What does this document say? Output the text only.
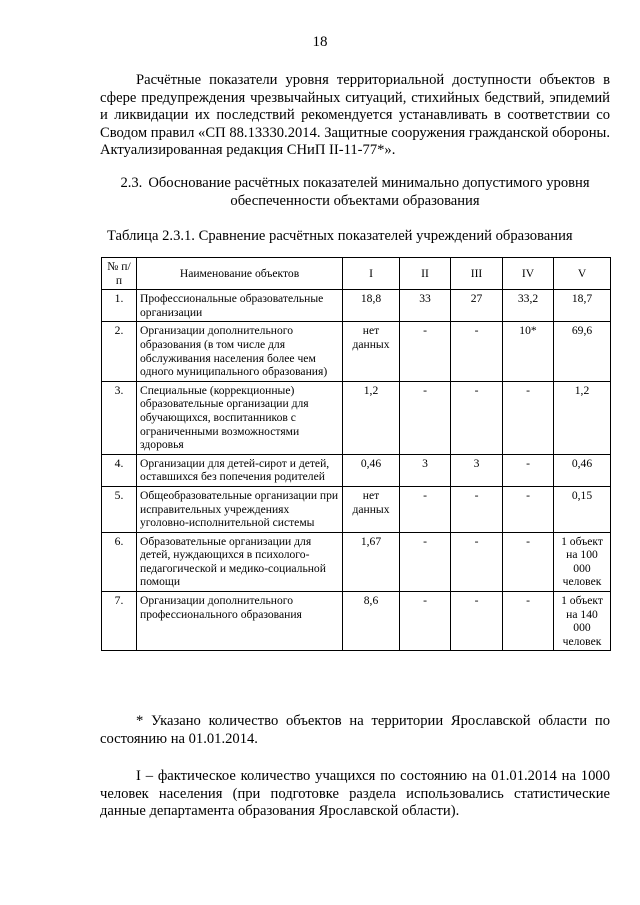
18

Расчётные показатели уровня территориальной доступности объектов в сфере предупреждения чрезвычайных ситуаций, стихийных бедствий, эпидемий и ликвидации их последствий рекомендуется устанавливать в соответствии со Сводом правил «СП 88.13330.2014. Защитные сооружения гражданской обороны. Актуализированная редакция СНиП II-11-77*».

2.3. Обоснование расчётных показателей минимально допустимого уровня обеспеченности объектами образования

Таблица 2.3.1. Сравнение расчётных показателей учреждений образования

№ п/п	Наименование объектов	I	II	III	IV	V
1.	Профессиональные образовательные организации	18,8	33	27	33,2	18,7
2.	Организации дополнительного образования (в том числе для обслуживания населения более чем одного муниципального образования)	нет данных	-	-	10*	69,6
3.	Специальные (коррекционные) образовательные организации для обучающихся, воспитанников с ограниченными возможностями здоровья	1,2	-	-	-	1,2
4.	Организации для детей-сирот и детей, оставшихся без попечения родителей	0,46	3	3	-	0,46
5.	Общеобразовательные организации при исправительных учреждениях уголовно-исполнительной системы	нет данных	-	-	-	0,15
6.	Образовательные организации для детей, нуждающихся в психолого-педагогической и медико-социальной помощи	1,67	-	-	-	1 объект на 100 000 человек
7.	Организации дополнительного профессионального образования	8,6	-	-	-	1 объект на 140 000 человек

* Указано количество объектов на территории Ярославской области по состоянию на 01.01.2014.

I – фактическое количество учащихся по состоянию на 01.01.2014 на 1000 человек населения (при подготовке раздела использовались статистические данные департамента образования Ярославской области).
